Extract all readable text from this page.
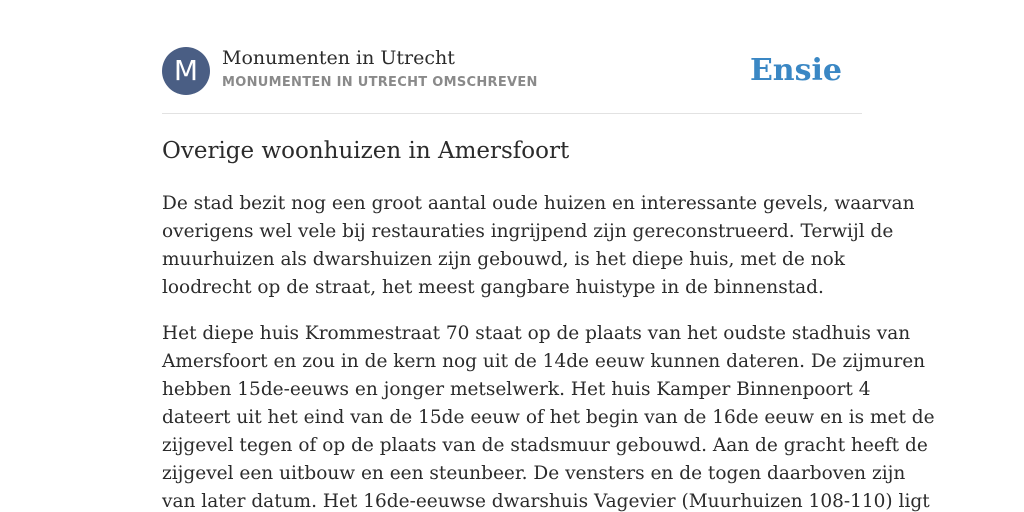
M	Monumenten in Utrecht
MONUMENTEN IN UTRECHT OMSCHREVEN	Ensie
Overige woonhuizen in Amersfoort

De stad bezit nog een groot aantal oude huizen en interessante gevels, waarvan
overigens wel vele bij restauraties ingrijpend zijn gereconstrueerd. Terwijl de
muurhuizen als dwarshuizen zijn gebouwd, is het diepe huis, met de nok
loodrecht op de straat, het meest gangbare huistype in de binnenstad.

Het diepe huis Krommestraat 70 staat op de plaats van het oudste stadhuis van
Amersfoort en zou in de kern nog uit de 14de eeuw kunnen dateren. De zijmuren
hebben 15de-eeuws en jonger metselwerk. Het huis Kamper Binnenpoort 4
dateert uit het eind van de 15de eeuw of het begin van de 16de eeuw en is met de
zijgevel tegen of op de plaats van de stadsmuur gebouwd. Aan de gracht heeft de
zijgevel een uitbouw en een steunbeer. De vensters en de togen daarboven zijn
van later datum. Het 16de-eeuwse dwarshuis Vagevier (Muurhuizen 108-110) ligt
